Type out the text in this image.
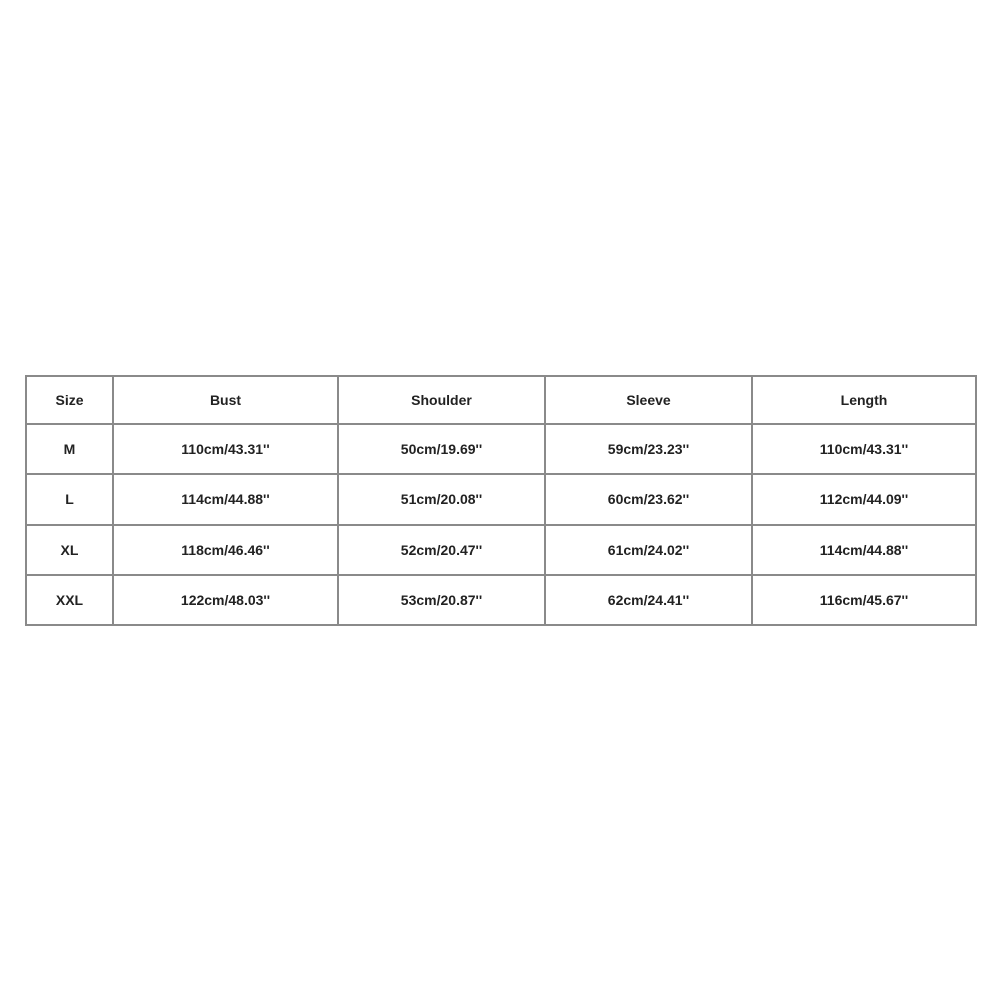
Size	Bust	Shoulder	Sleeve	Length
M	110cm/43.31''	50cm/19.69''	59cm/23.23''	110cm/43.31''
L	114cm/44.88''	51cm/20.08''	60cm/23.62''	112cm/44.09''
XL	118cm/46.46''	52cm/20.47''	61cm/24.02''	114cm/44.88''
XXL	122cm/48.03''	53cm/20.87''	62cm/24.41''	116cm/45.67''
